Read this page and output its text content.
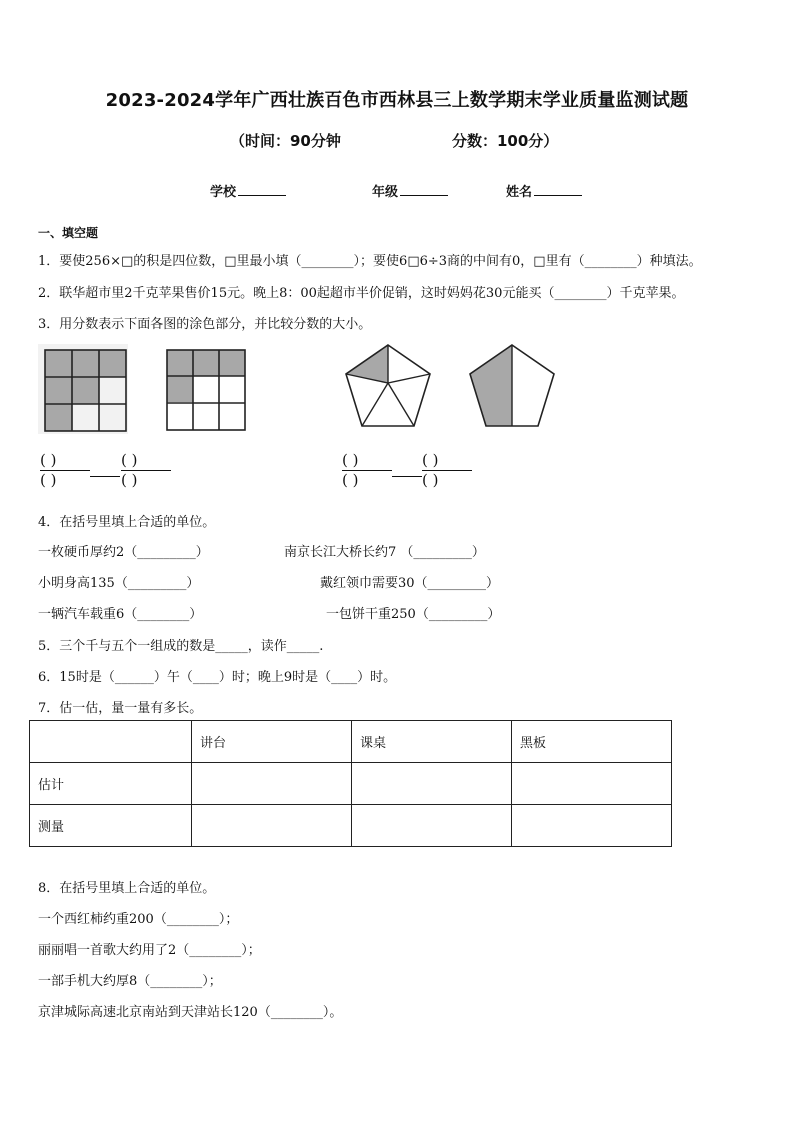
2023-2024学年广西壮族百色市西林县三上数学期末学业质量监测试题
（时间：90分钟	分数：100分）
学校	年级	姓名
一、填空题
1．要使256×□的积是四位数，□里最小填（________）；要使6□6÷3商的中间有0，□里有（________）种填法。
2．联华超市里2千克苹果售价15元。晚上8：00起超市半价促销，这时妈妈花30元能买（________）千克苹果。
3．用分数表示下面各图的涂色部分，并比较分数的大小。
( )
( )
( )
( )
( )
( )
( )
( )
4．在括号里填上合适的单位。
一枚硬币厚约2（_________）	南京长江大桥长约7 （_________）
小明身高135（_________）	戴红领巾需要30（_________）
一辆汽车载重6（________）	一包饼干重250（_________）
5．三个千与五个一组成的数是_____，读作_____.
6．15时是（______）午（____）时；晚上9时是（____）时。
7．估一估，量一量有多长。
	讲台	课桌	黑板
估计			
测量			
8．在括号里填上合适的单位。
一个西红柿约重200（________）；
丽丽唱一首歌大约用了2（________）；
一部手机大约厚8（________）；
京津城际高速北京南站到天津站长120（________）。
